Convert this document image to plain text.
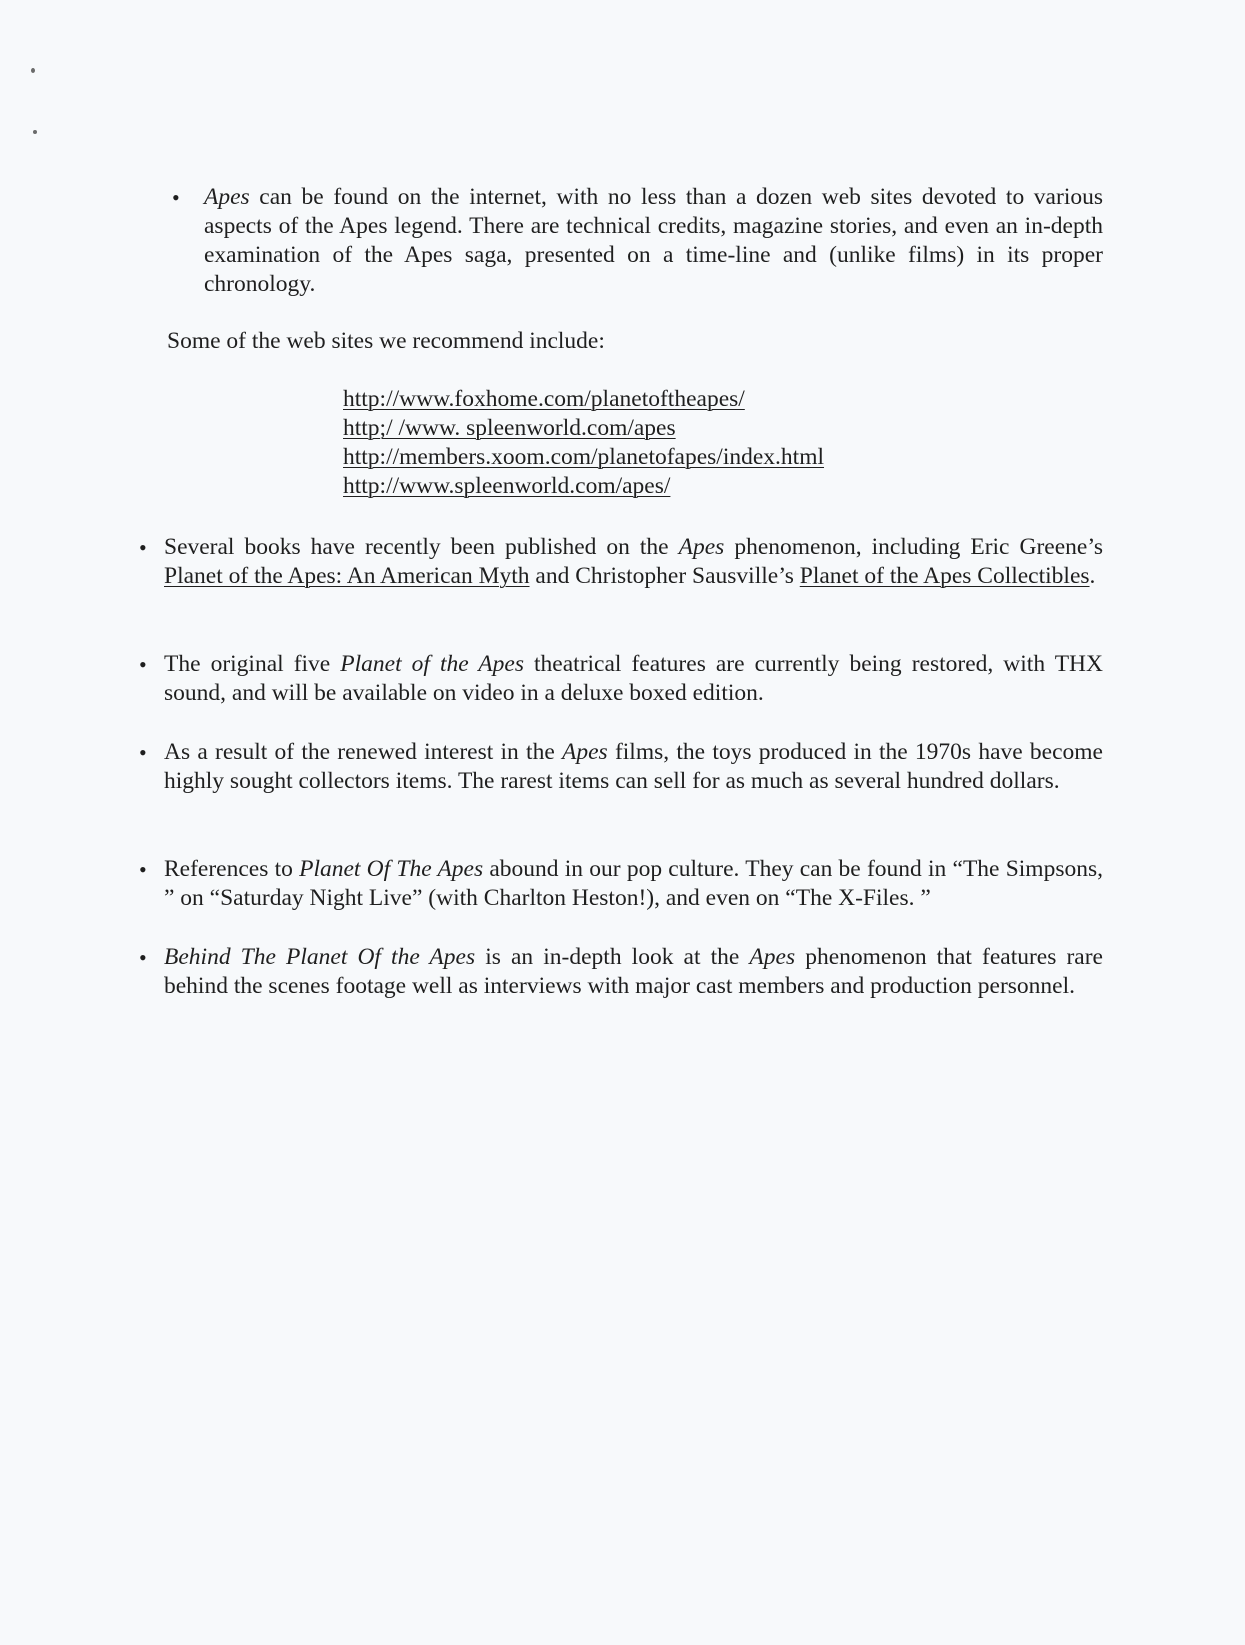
• Apes can be found on the internet, with no less than a dozen web sites devoted to various aspects of the Apes legend. There are technical credits, magazine stories, and even an in-depth examination of the Apes saga, presented on a time-line and (unlike films) in its proper chronology.
Some of the web sites we recommend include:
http://www.foxhome.com/planetoftheapes/
http;/ /www. spleenworld.com/apes
http://members.xoom.com/planetofapes/index.html
http://www.spleenworld.com/apes/
• Several books have recently been published on the Apes phenomenon, including Eric Greene’s Planet of the Apes: An American Myth and Christopher Sausville’s Planet of the Apes Collectibles.
• The original five Planet of the Apes theatrical features are currently being restored, with THX sound, and will be available on video in a deluxe boxed edition.
• As a result of the renewed interest in the Apes films, the toys produced in the 1970s have become highly sought collectors items. The rarest items can sell for as much as several hundred dollars.
• References to Planet Of The Apes abound in our pop culture. They can be found in “The Simpsons, ” on “Saturday Night Live” (with Charlton Heston!), and even on “The X-Files. ”
• Behind The Planet Of the Apes is an in-depth look at the Apes phenomenon that features rare behind the scenes footage well as interviews with major cast members and production personnel.
